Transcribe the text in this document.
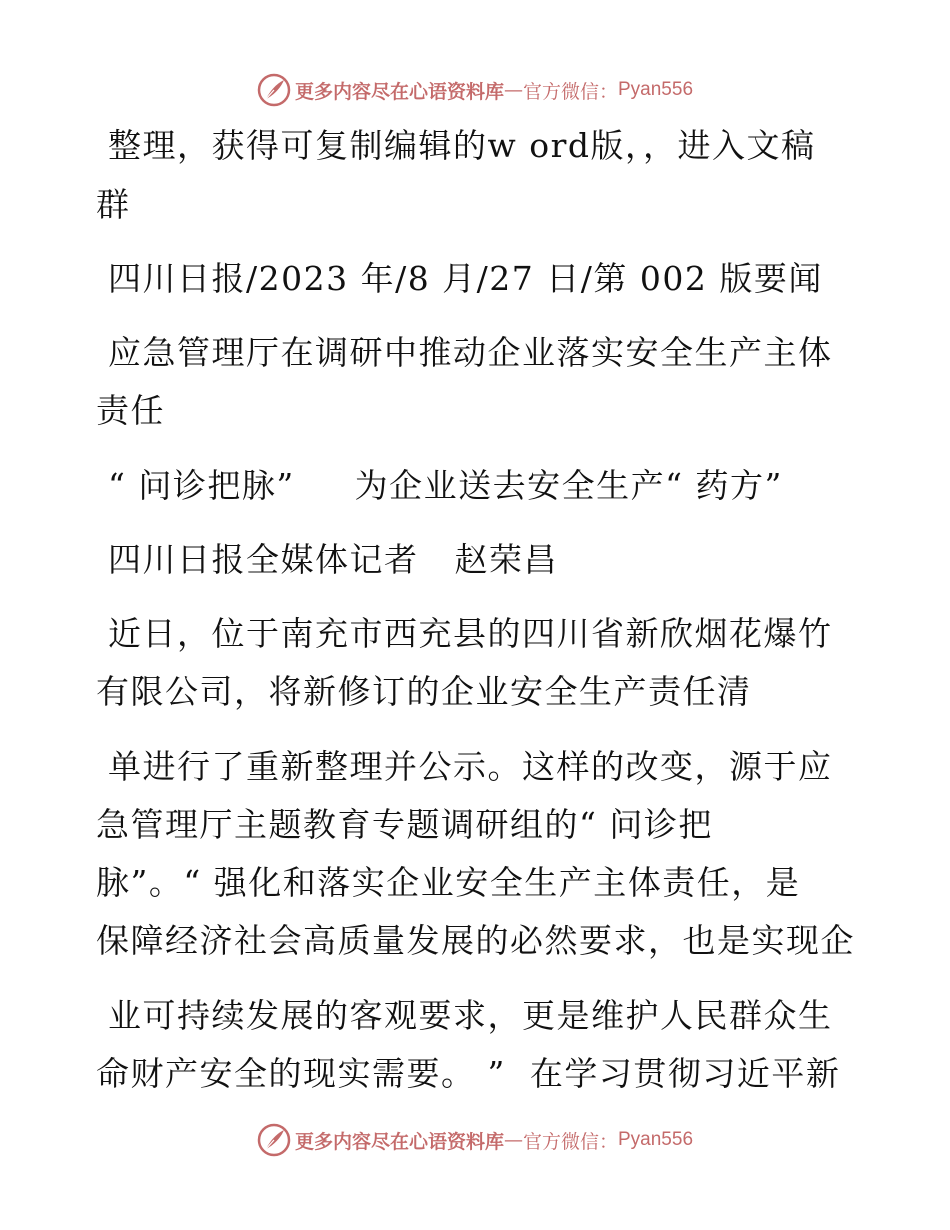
更多内容尽在心语资料库 — 官方微信： Pyan556
整理，获得可复制编辑的w ord版，，进入文稿
群
四川日报/2023 年/8 月/27 日/第 002 版要闻
应急管理厅在调研中推动企业落实安全生产主体
责任
“ 问诊把脉”     为企业送去安全生产“ 药方”
四川日报全媒体记者   赵荣昌
近日，位于南充市西充县的四川省新欣烟花爆竹
有限公司，将新修订的企业安全生产责任清
单进行了重新整理并公示。这样的改变，源于应
急管理厅主题教育专题调研组的“ 问诊把
脉”。“ 强化和落实企业安全生产主体责任，是
保障经济社会高质量发展的必然要求，也是实现企
业可持续发展的客观要求，更是维护人民群众生
命财产安全的现实需要。 ”  在学习贯彻习近平新
更多内容尽在心语资料库 — 官方微信： Pyan556
